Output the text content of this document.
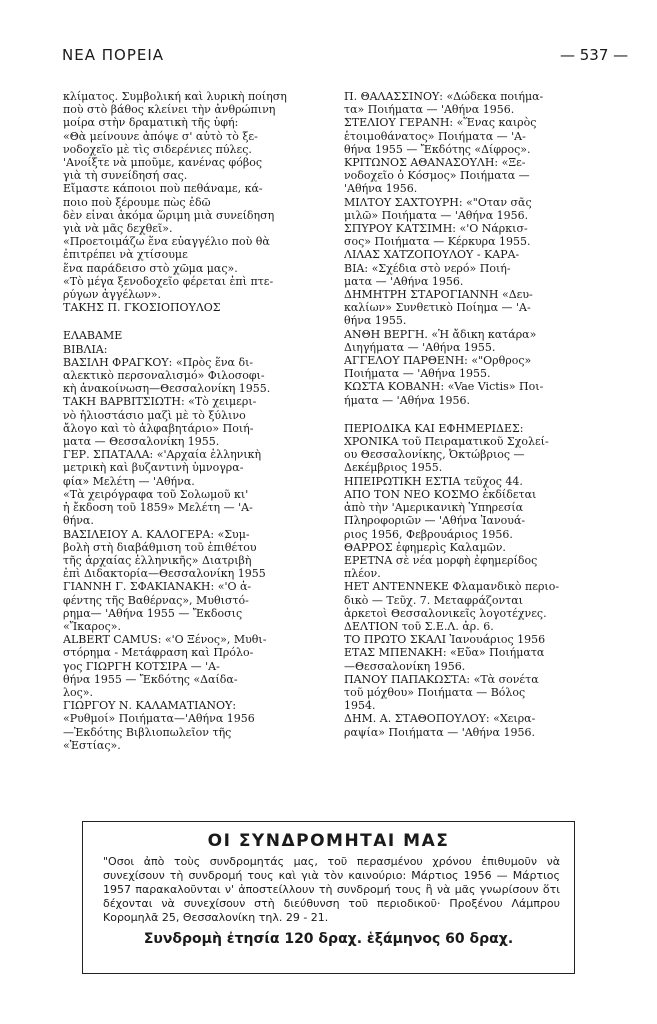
ΝΕΑ ΠΟΡΕΙΑ	— 537 —
κλίματος. Συμβολική καὶ λυρικὴ ποίηση
ποὺ στὸ βάθος κλείνει τὴν ἀνθρώπινη
μοίρα στὴν δραματικὴ τῆς ὑφή:
«Θὰ μείνουνε ἀπόψε σ' αὐτὸ τὸ ξε-
νοδοχεῖο μὲ τὶς σιδερένιες πύλες.
'Ανοίξτε νὰ μποῦμε, κανένας φόβος
γιὰ τὴ συνείδησή σας.
Εἴμαστε κάποιοι ποὺ πεθάναμε, κά-
ποιο ποὺ ξέρουμε πὼς ἐδῶ
δὲν εἶναι ἀκόμα ὥριμη μιὰ συνείδηση
γιὰ νὰ μᾶς δεχθεῖ».
«Προετοιμάζω ἕνα εὐαγγέλιο ποὺ θὰ
ἐπιτρέπει νὰ χτίσουμε
ἕνα παράδεισο στὸ χῶμα μας».
«Τὸ μέγα ξενοδοχεῖο φέρεται ἐπὶ πτε-
ρύγων ἀγγέλων».
ΤΑΚΗΣ Π. ΓΚΟΣΙΟΠΟΥΛΟΣ
ΕΛΑΒΑΜΕ
ΒΙΒΛΙΑ:
ΒΑΣΙΛΗ ΦΡΑΓΚΟΥ: «Πρὸς ἕνα δι-
αλεκτικὸ περσοναλισμό» Φιλοσοφι-
κὴ ἀνακοίνωση—Θεσσαλονίκη 1955.
ΤΑΚΗ ΒΑΡΒΙΤΣΙΩΤΗ: «Τὸ χειμερι-
νὸ ἡλιοστάσιο μαζὶ μὲ τὸ ξύλινο
ἄλογο καὶ τὸ ἀλφαβητάριο» Ποιή-
ματα — Θεσσαλονίκη 1955.
ΓΕΡ. ΣΠΑΤΑΛΑ: «'Αρχαία ἑλληνικὴ
μετρικὴ καὶ βυζαντινὴ ὑμνογρα-
φία» Μελέτη — 'Αθήνα.
«Τὰ χειρόγραφα τοῦ Σολωμοῦ κι'
ἡ ἔκδοση τοῦ 1859» Μελέτη — 'Α-
θήνα.
ΒΑΣΙΛΕΙΟΥ Α. ΚΑΛΟΓΕΡΑ: «Συμ-
βολὴ στὴ διαβάθμιση τοῦ ἐπιθέτου
τῆς ἀρχαίας ἑλληνικῆς» Διατριβὴ
ἐπὶ Διδακτορία—Θεσσαλονίκη 1955
ΓΙΑΝΝΗ Γ. ΣΦΑΚΙΑΝΑΚΗ: «'Ο ἀ-
φέντης τῆς Βαθέρνας», Μυθιστό-
ρημα— 'Αθήνα 1955 — Ἔκδοσις
«Ἴκαρος».
ALBERT CAMUS: «'Ο Ξένος», Μυθι-
στόρημα - Μετάφραση καὶ Πρόλο-
γος ΓΙΩΡΓΗ ΚΟΤΣΙΡΑ — 'Α-
θήνα 1955 — Ἔκδότης «Δαίδα-
λος».
ΓΙΩΡΓΟΥ Ν. ΚΑΛΑΜΑΤΙΑΝΟΥ:
«Ρυθμοί» Ποιήματα—'Αθήνα 1956
—Ἐκδότης Βιβλιοπωλεῖον τῆς
«Ἑστίας».
Π. ΘΑΛΑΣΣΙΝΟΥ: «Δώδεκα ποιήμα-
τα» Ποιήματα — 'Αθήνα 1956.
ΣΤΕΛΙΟΥ ΓΕΡΑΝΗ: «Ἕνας καιρὸς
ἑτοιμοθάνατος» Ποιήματα — 'Α-
θήνα 1955 — Ἔκδότης «Δίφρος».
ΚΡΙΤΩΝΟΣ ΑΘΑΝΑΣΟΥΛΗ: «Ξε-
νοδοχεῖο ὁ Κόσμος» Ποιήματα —
'Αθήνα 1956.
ΜΙΛΤΟΥ ΣΑΧΤΟΥΡΗ: «"Οταν σᾶς
μιλῶ» Ποιήματα — 'Αθήνα 1956.
ΣΠΥΡΟΥ ΚΑΤΣΙΜΗ: «'Ο Νάρκισ-
σος» Ποιήματα — Κέρκυρα 1955.
ΛΙΛΑΣ ΧΑΤΖΟΠΟΥΛΟΥ - ΚΑΡΑ-
ΒΙΑ: «Σχέδια στὸ νερό» Ποιή-
ματα — 'Αθήνα 1956.
ΔΗΜΗΤΡΗ ΣΤΑΡΟΓΙΑΝΝΗ «Δευ-
καλίων» Συνθετικὸ Ποίημα — 'Α-
θήνα 1955.
ΑΝΘΗ ΒΕΡΓΗ. «Ἡ ἄδικη κατάρα»
Διηγήματα — 'Αθήνα 1955.
ΑΓΓΕΛΟΥ ΠΑΡΘΕΝΗ: «"Ορθρος»
Ποιήματα — 'Αθήνα 1955.
ΚΩΣΤΑ ΚΟΒΑΝΗ: «Vae Victis» Ποι-
ήματα — 'Αθήνα 1956.
ΠΕΡΙΟΔΙΚΑ ΚΑΙ ΕΦΗΜΕΡΙΔΕΣ:
ΧΡΟΝΙΚΑ τοῦ Πειραματικοῦ Σχολεί-
ου Θεσσαλονίκης, Ὀκτώβριος —
Δεκέμβριος 1955.
ΗΠΕΙΡΩΤΙΚΗ ΕΣΤΙΑ τεῦχος 44.
ΑΠΟ ΤΟΝ ΝΕΟ ΚΟΣΜΟ ἐκδίδεται
ἀπὸ τὴν 'Αμερικανικὴ Ὑπηρεσία
Πληροφοριῶν — 'Αθήνα Ἰανουά-
ριος 1956, Φεβρουάριος 1956.
ΘΑΡΡΟΣ ἐφημερὶς Καλαμῶν.
ΕΡΕΤΝΑ σὲ νέα μορφὴ ἐφημερίδος
πλέον.
ΗΕΤ ΑΝΤΕΝΝΕΚΕ Φλαμανδικὸ περιο-
δικὸ — Τεῦχ. 7. Μεταφράζονται
ἀρκετοὶ Θεσσαλονικεῖς λογοτέχνες.
ΔΕΛΤΙΟΝ τοῦ Σ.Ε.Λ. ἀρ. 6.
ΤΟ ΠΡΩΤΟ ΣΚΑΛΙ Ἰανουάριος 1956
ΕΤΑΣ ΜΠΕΝΑΚΗ: «Εὔα» Ποιήματα
—Θεσσαλονίκη 1956.
ΠΑΝΟΥ ΠΑΠΑΚΩΣΤΑ: «Τὰ σονέτα
τοῦ μόχθου» Ποιήματα — Βόλος
1954.
ΔΗΜ. Α. ΣΤΑΘΟΠΟΥΛΟΥ: «Χειρα-
ραψία» Ποιήματα — 'Αθήνα 1956.
ΟΙ ΣΥΝΔΡΟΜΗΤΑΙ ΜΑΣ
"Οσοι ἀπὸ τοὺς συνδρομητάς μας, τοῦ περασμένου χρόνου ἐπιθυμοῦν νὰ συνεχίσουν τὴ συνδρομή τους καὶ γιὰ τὸν καινούριο: Μάρτιος 1956 — Μάρτιος 1957 παρακαλοῦνται ν' ἀποστείλλουν τὴ συνδρομή τους ἢ νὰ μᾶς γνωρίσουν ὅτι δέχονται νὰ συνεχίσουν στὴ διεύθυνση τοῦ περιοδικοῦ· Προξένου Λάμπρου Κορομηλᾶ 25, Θεσσαλονίκη τηλ. 29 - 21.
Συνδρομὴ ἐτησία 120 δραχ. ἑξάμηνος 60 δραχ.
